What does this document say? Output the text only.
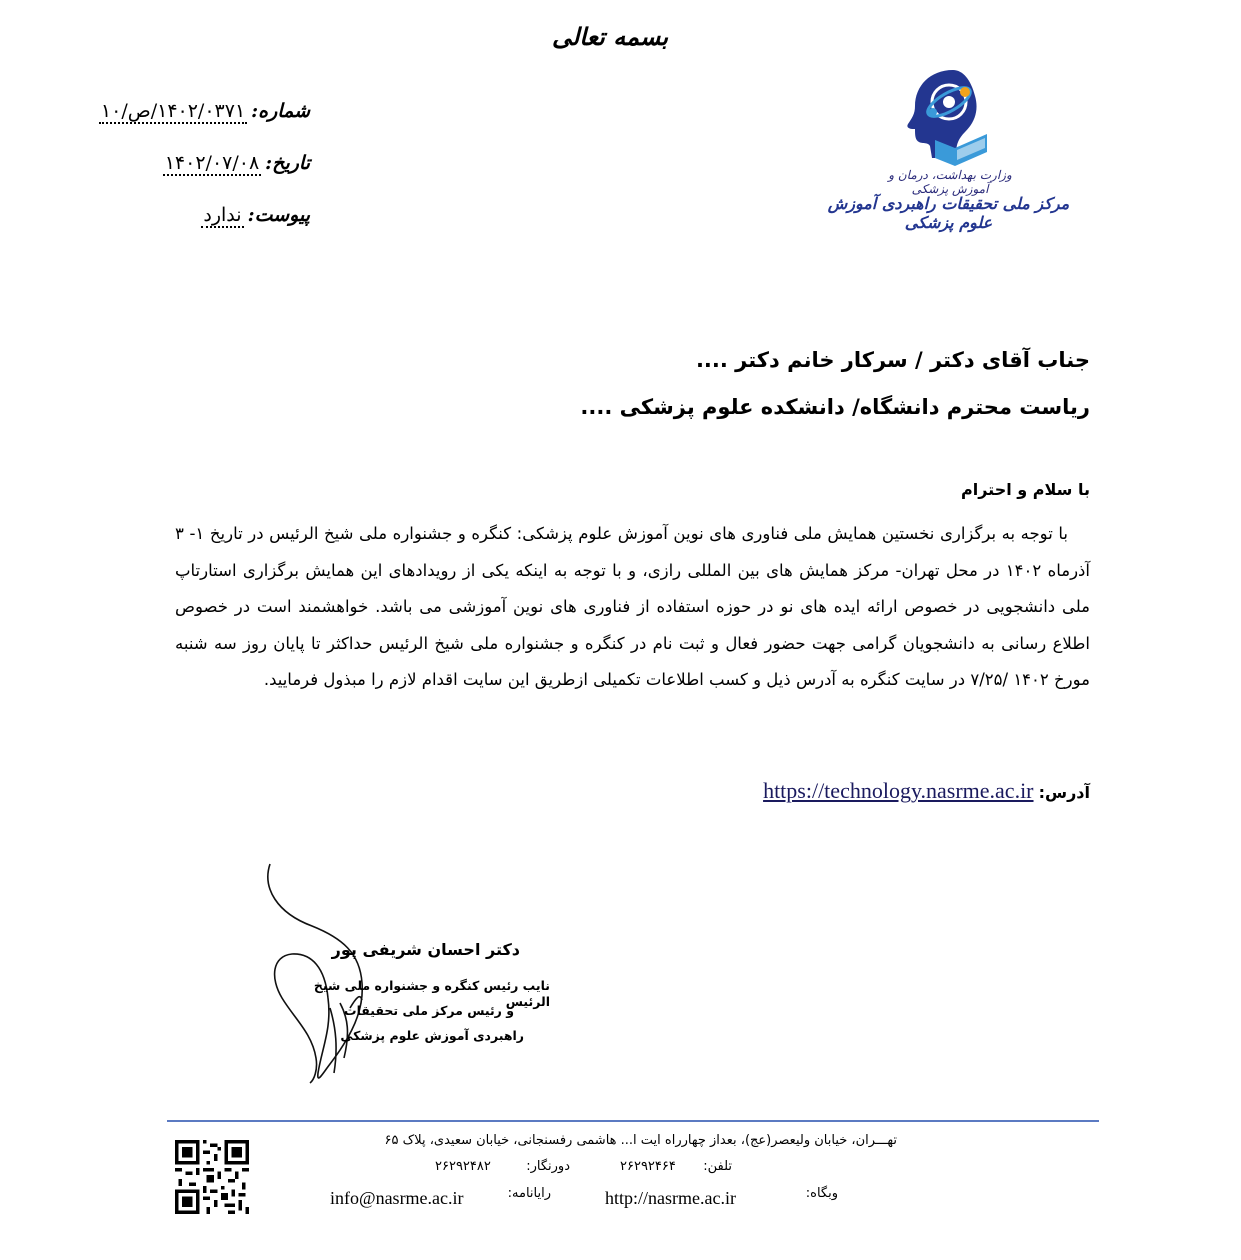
بسمه تعالی
شماره:
۱۴۰۲/۰۳۷۱/ص/۱۰
تاریخ:
۱۴۰۲/۰۷/۰۸
پیوست:
ندارد
وزارت بهداشت، درمان و آموزش پزشکی
مرکز ملی تحقیقات راهبردی آموزش علوم پزشکی
جناب آقای دکتر / سرکار خانم دکتر ....
ریاست محترم دانشگاه/ دانشکده علوم پزشکی ....
با سلام و احترام
با توجه به برگزاری نخستین همایش ملی فناوری های نوین آموزش علوم پزشکی: کنگره و جشنواره ملی شیخ الرئیس در تاریخ ۱- ۳ آذرماه ۱۴۰۲ در محل تهران- مرکز همایش های بین المللی رازی، و با توجه به اینکه یکی از رویدادهای این همایش برگزاری استارتاپ ملی دانشجویی در خصوص ارائه ایده های نو در حوزه استفاده از فناوری های نوین آموزشی می باشد. خواهشمند است در خصوص اطلاع رسانی به دانشجویان گرامی جهت حضور فعال و ثبت نام در کنگره و جشنواره ملی شیخ الرئیس حداکثر تا پایان روز سه شنبه مورخ ۱۴۰۲ /۷/۲۵ در سایت کنگره به آدرس ذیل و کسب اطلاعات تکمیلی ازطریق این سایت اقدام لازم را مبذول فرمایید.
آدرس: https://technology.nasrme.ac.ir
دکتر احسان شریفی پور
نایب رئیس کنگره و جشنواره ملی شیخ الرئیس
و رئیس مرکز ملی تحقیقات
راهبردی آموزش علوم پزشکی
تهـــران، خیابان ولیعصر(عج)، بعداز چهارراه ایت ا... هاشمی رفسنجانی، خیابان سعیدی، پلاک ۶۵
تلفن:
۲۶۲۹۲۴۶۴
دورنگار:
۲۶۲۹۲۴۸۲
وبگاه:
http://nasrme.ac.ir
رایانامه:
info@nasrme.ac.ir
